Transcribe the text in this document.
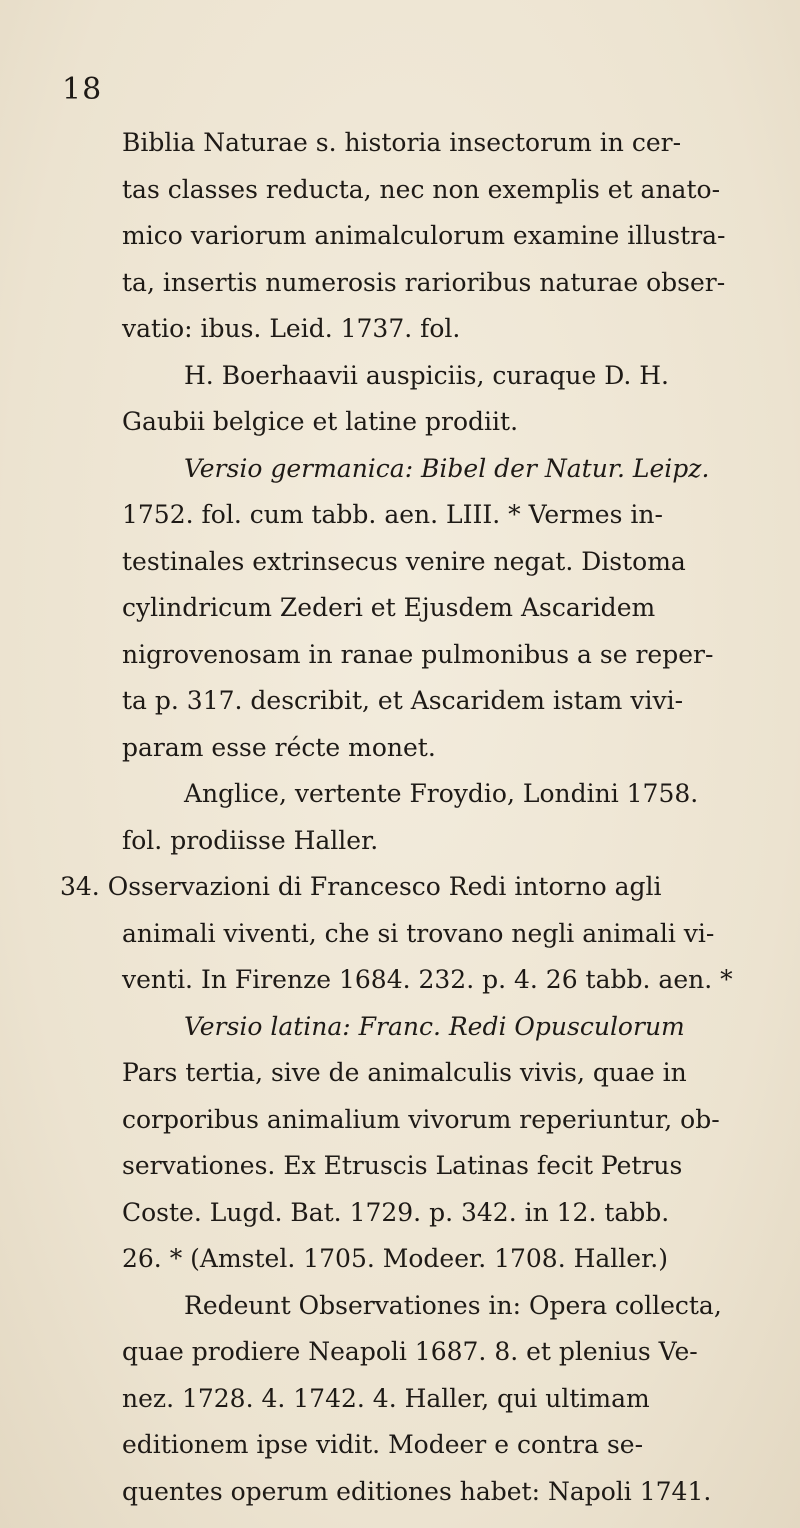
18
Biblia Naturae s. historia insectorum in cer-
tas classes reducta, nec non exemplis et anato-
mico variorum animalculorum examine illustra-
ta, insertis numerosis rarioribus naturae obser-
vatio: ibus. Leid. 1737. fol.
H. Boerhaavii auspiciis, curaque D. H.
Gaubii belgice et latine prodiit.
Versio germanica: Bibel der Natur. Leipz.
1752. fol. cum tabb. aen. LIII. * Vermes in-
testinales extrinsecus venire negat. Distoma
cylindricum Zederi et Ejusdem Ascaridem
nigrovenosam in ranae pulmonibus a se reper-
ta p. 317. describit, et Ascaridem istam vivi-
param esse récte monet.
Anglice, vertente Froydio, Londini 1758.
fol. prodiisse Haller.
34. Osservazioni di Francesco Redi intorno agli
animali viventi, che si trovano negli animali vi-
venti. In Firenze 1684. 232. p. 4. 26 tabb. aen. *
Versio latina: Franc. Redi Opusculorum
Pars tertia, sive de animalculis vivis, quae in
corporibus animalium vivorum reperiuntur, ob-
servationes. Ex Etruscis Latinas fecit Petrus
Coste. Lugd. Bat. 1729. p. 342. in 12. tabb.
26. * (Amstel. 1705. Modeer. 1708. Haller.)
Redeunt Observationes in: Opera collecta,
quae prodiere Neapoli 1687. 8. et plenius Ve-
nez. 1728. 4. 1742. 4. Haller, qui ultimam
editionem ipse vidit. Modeer e contra se-
quentes operum editiones habet: Napoli 1741.
